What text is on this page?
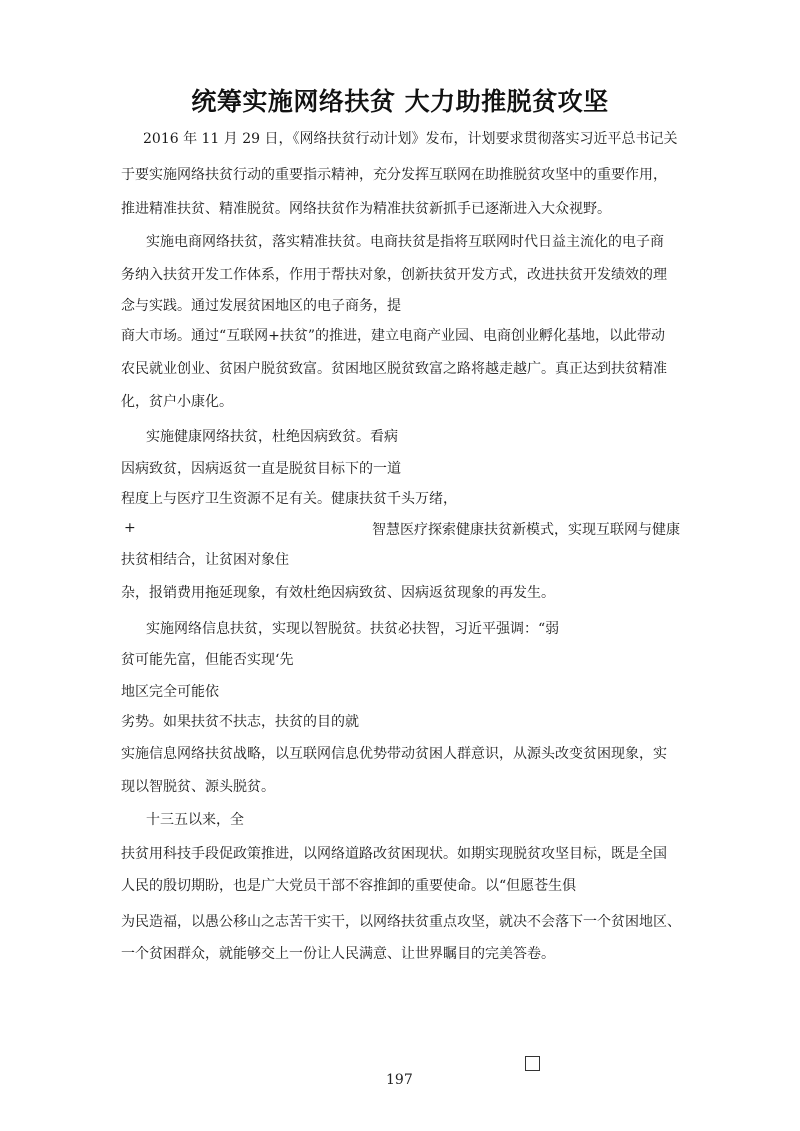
统筹实施网络扶贫 大力助推脱贫攻坚
2016 年 11 月 29 日，《网络扶贫行动计划》发布，计划要求贯彻落实习近平总书记关
于要实施网络扶贫行动的重要指示精神，充分发挥互联网在助推脱贫攻坚中的重要作用，
推进精准扶贫、精准脱贫。网络扶贫作为精准扶贫新抓手已逐渐进入大众视野。
实施电商网络扶贫，落实精准扶贫。电商扶贫是指将互联网时代日益主流化的电子商
务纳入扶贫开发工作体系，作用于帮扶对象，创新扶贫开发方式，改进扶贫开发绩效的理
念与实践。通过发展贫困地区的电子商务，提
商大市场。通过“互联网+扶贫”的推进，建立电商产业园、电商创业孵化基地，以此带动
农民就业创业、贫困户脱贫致富。贫困地区脱贫致富之路将越走越广。真正达到扶贫精准
化，贫户小康化。
实施健康网络扶贫，杜绝因病致贫。看病
因病致贫，因病返贫一直是脱贫目标下的一道
程度上与医疗卫生资源不足有关。健康扶贫千头万绪，
+	智慧医疗探索健康扶贫新模式，实现互联网与健康
扶贫相结合，让贫困对象住
杂，报销费用拖延现象，有效杜绝因病致贫、因病返贫现象的再发生。
实施网络信息扶贫，实现以智脱贫。扶贫必扶智，习近平强调：“弱
贫可能先富，但能否实现‘先
地区完全可能依
劣势。如果扶贫不扶志，扶贫的目的就
实施信息网络扶贫战略，以互联网信息优势带动贫困人群意识，从源头改变贫困现象，实
现以智脱贫、源头脱贫。
十三五以来，全
扶贫用科技手段促政策推进，以网络道路改贫困现状。如期实现脱贫攻坚目标，既是全国
人民的殷切期盼，也是广大党员干部不容推卸的重要使命。以“但愿苍生俱
为民造福，以愚公移山之志苦干实干，以网络扶贫重点攻坚，就决不会落下一个贫困地区、
一个贫困群众，就能够交上一份让人民满意、让世界瞩目的完美答卷。
197
